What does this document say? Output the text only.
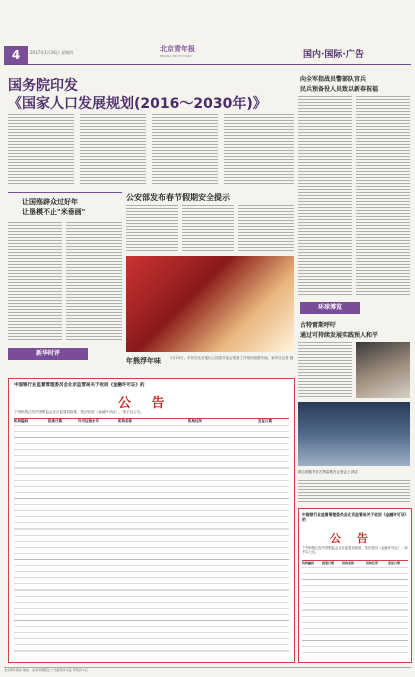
4	2017年1月26日 星期四	北京青年报
BEIJING YOUTH DAILY	国内·国际·广告
国务院印发
《国家人口发展规划(2016～2030年)》
向全军指战员警部队官兵
民兵预备役人员致以新春祝福
让国殇辟众过好年
让垦模不止"米垂画"
新华时评
公安部发布春节假期安全提示
年熊浮年味	1月25日，市民在北京地坛公园春节庙会准备工作现场拍摄年画。新华社记者 摄
环球博览
古特雷斯呼吁
通过可持续发展实践预人和平
联合国秘书长古特雷斯在记者会上讲话
中国银行业监督管理委员会北京监管局关于收回《金融许可证》的
公 告
下列机构已经中国银监会北京监管局批准，依法收回《金融许可证》，现予以公告。
机构编码	批准日期	许可证流水号	机构名称	机构住所	发证日期
中国银行业监督管理委员会北京监管局关于收回《金融许可证》的
公 告
下列机构已经中国银监会北京监管局批准，依法收回《金融许可证》，现予以公告。
机构编码	批准日期	机构名称	机构住所	发证日期
北京青年报社 地址：北京市朝阳区 广告经营许可证 零售价 1元
